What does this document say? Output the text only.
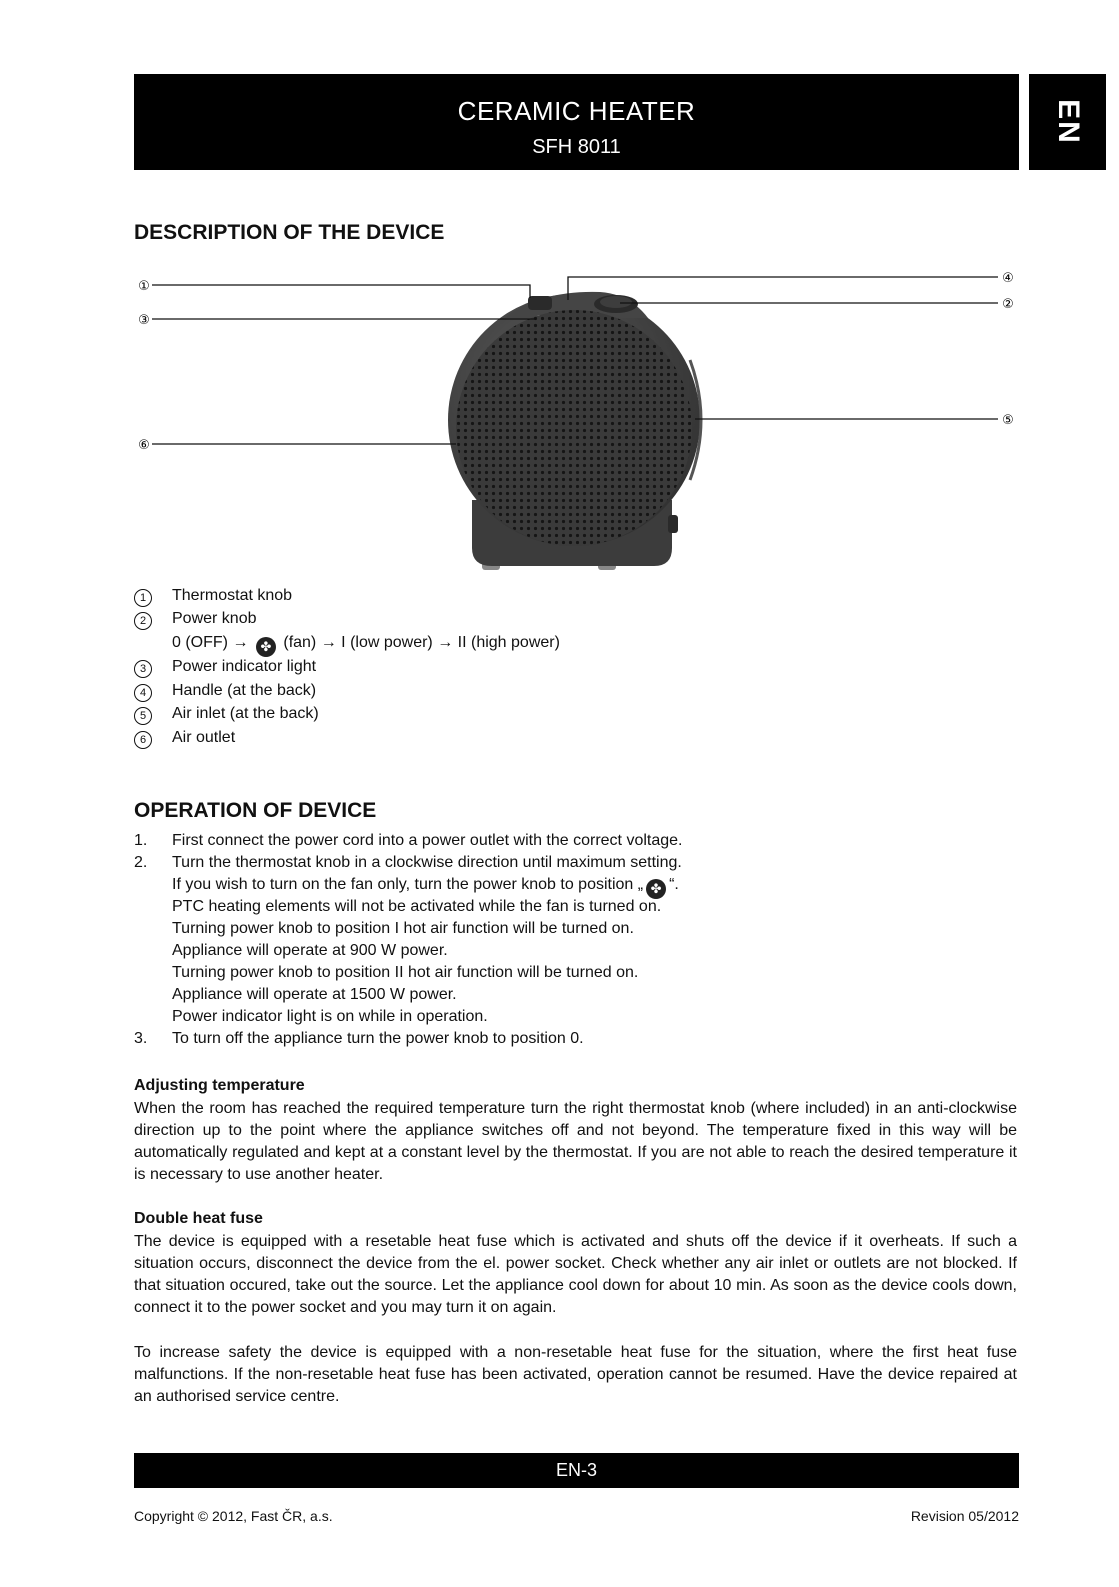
CERAMIC HEATER
SFH 8011
EN
DESCRIPTION OF THE DEVICE
①
③
⑥
④
②
⑤
1	Thermostat knob
2	Power knob
0 (OFF) → ✤ (fan) → I (low power) → II (high power)
3	Power indicator light
4	Handle (at the back)
5	Air inlet (at the back)
6	Air outlet
OPERATION OF DEVICE
1. First connect the power cord into a power outlet with the correct voltage.
2. Turn the thermostat knob in a clockwise direction until maximum setting.
If you wish to turn on the fan only, turn the power knob to position „ ✤ “.
PTC heating elements will not be activated while the fan is turned on.
Turning power knob to position I hot air function will be turned on.
Appliance will operate at 900 W power.
Turning power knob to position II hot air function will be turned on.
Appliance will operate at 1500 W power.
Power indicator light is on while in operation.
3. To turn off the appliance turn the power knob to position 0.
Adjusting temperature

When the room has reached the required temperature turn the right thermostat knob (where included) in an anti-clockwise direction up to the point where the appliance switches off and not beyond. The temperature fixed in this way will be automatically regulated and kept at a constant level by the thermostat. If you are not able to reach the desired temperature it is necessary to use another heater.

Double heat fuse

The device is equipped with a resetable heat fuse which is activated and shuts off the device if it overheats. If such a situation occurs, disconnect the device from the el. power socket. Check whether any air inlet or outlets are not blocked. If that situation occured, take out the source. Let the appliance cool down for about 10 min. As soon as the device cools down, connect it to the power socket and you may turn it on again.

To increase safety the device is equipped with a non-resetable heat fuse for the situation, where the first heat fuse malfunctions. If the non-resetable heat fuse has been activated, operation cannot be resumed. Have the device repaired at an authorised service centre.

EN-3
Copyright © 2012, Fast ČR, a.s.	Revision 05/2012
